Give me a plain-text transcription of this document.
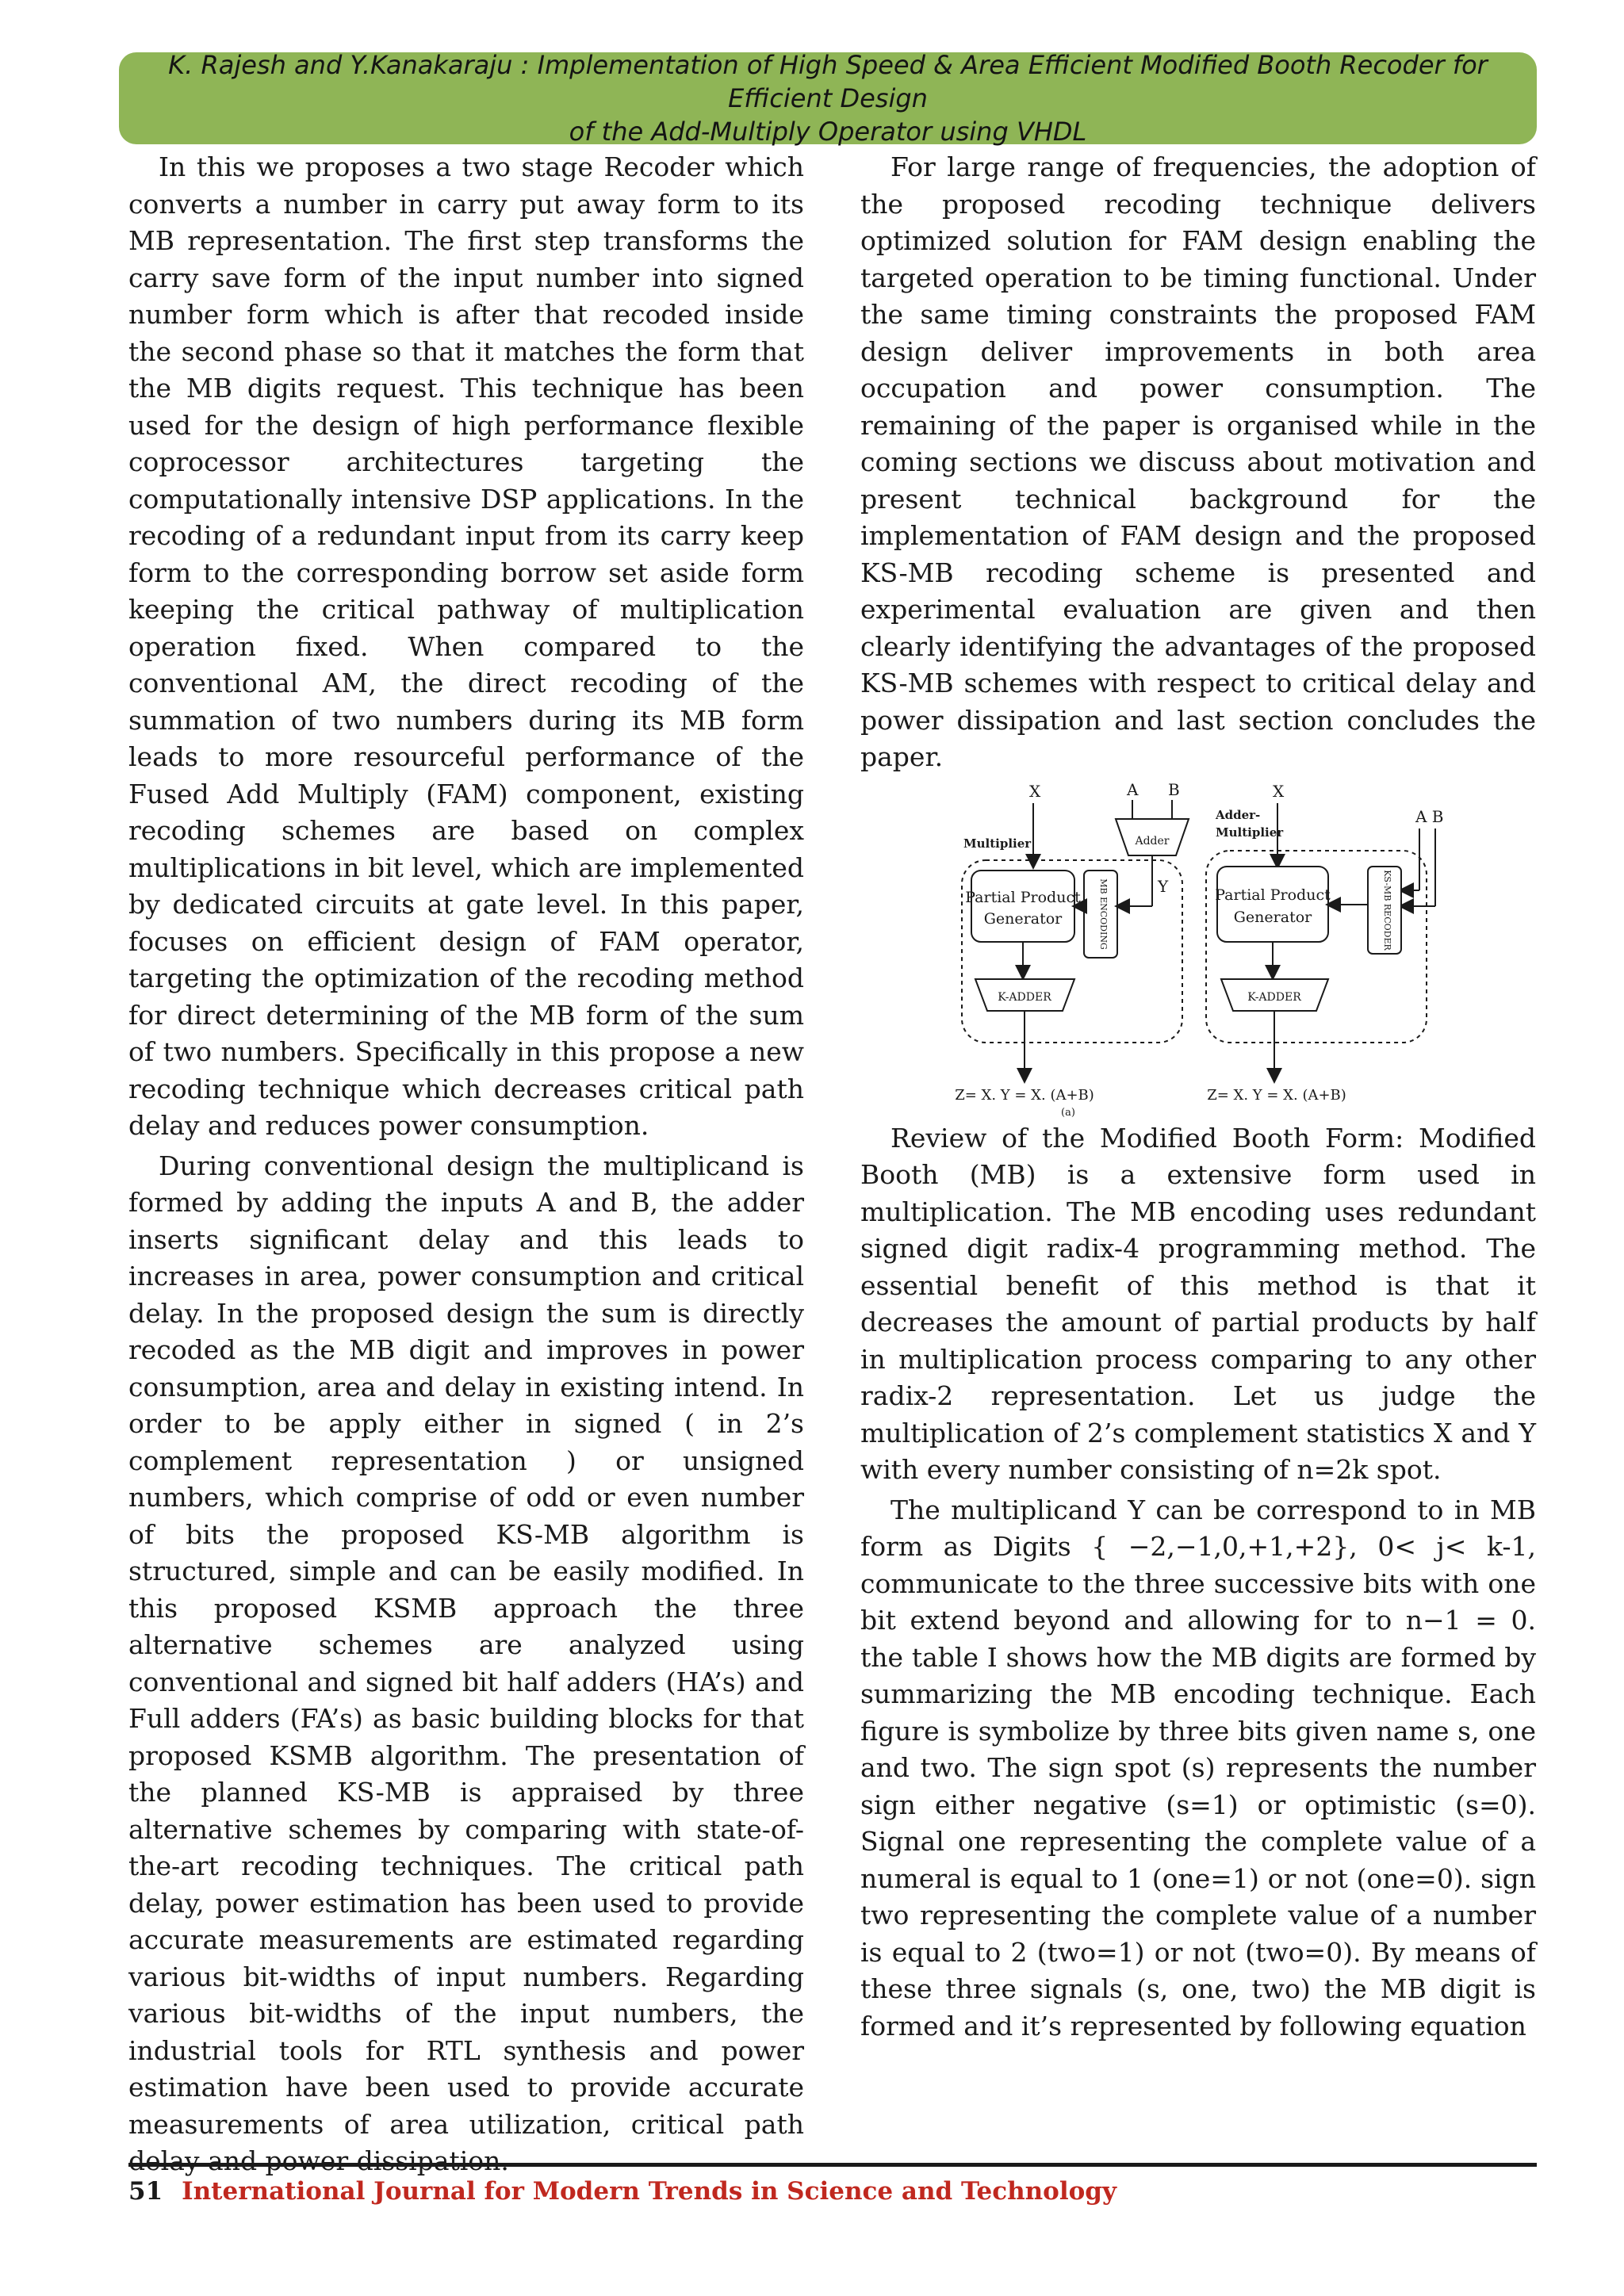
K. Rajesh and Y.Kanakaraju : Implementation of High Speed & Area Efficient Modified Booth Recoder for Efficient Design
of the Add-Multiply Operator using VHDL

In this we proposes a two stage Recoder which converts a number in carry put away form to its MB representation. The first step transforms the carry save form of the input number into signed number form which is after that recoded inside the second phase so that it matches the form that the MB digits request. This technique has been used for the design of high performance flexible coprocessor architectures targeting the computationally intensive DSP applications. In the recoding of a redundant input from its carry keep form to the corresponding borrow set aside form keeping the critical pathway of multiplication operation fixed. When compared to the conventional AM, the direct recoding of the summation of two numbers during its MB form leads to more resourceful performance of the Fused Add Multiply (FAM) component, existing recoding schemes are based on complex multiplications in bit level, which are implemented by dedicated circuits at gate level. In this paper, focuses on efficient design of FAM operator, targeting the optimization of the recoding method for direct determining of the MB form of the sum of two numbers. Specifically in this propose a new recoding technique which decreases critical path delay and reduces power consumption.

During conventional design the multiplicand is formed by adding the inputs A and B, the adder inserts significant delay and this leads to increases in area, power consumption and critical delay. In the proposed design the sum is directly recoded as the MB digit and improves in power consumption, area and delay in existing intend. In order to be apply either in signed ( in 2’s complement representation ) or unsigned numbers, which comprise of odd or even number of bits the proposed KS-MB algorithm is structured, simple and can be easily modified. In this proposed KSMB approach the three alternative schemes are analyzed using conventional and signed bit half adders (HA’s) and Full adders (FA’s) as basic building blocks for that proposed KSMB algorithm. The presentation of the planned KS-MB is appraised by three alternative schemes by comparing with state-of-the-art recoding techniques. The critical path delay, power estimation has been used to provide accurate measurements are estimated regarding various bit-widths of input numbers. Regarding various bit-widths of the input numbers, the industrial tools for RTL synthesis and power estimation have been used to provide accurate measurements of area utilization, critical path delay and power dissipation.

For large range of frequencies, the adoption of the proposed recoding technique delivers optimized solution for FAM design enabling the targeted operation to be timing functional. Under the same timing constraints the proposed FAM design deliver improvements in both area occupation and power consumption. The remaining of the paper is organised while in the coming sections we discuss about motivation and present technical background for the implementation of FAM design and the proposed KS-MB recoding scheme is presented and experimental evaluation are given and then clearly identifying the advantages of the proposed KS-MB schemes with respect to critical delay and power dissipation and last section concludes the paper.

X	A B
Adder
Y
Multiplier
Partial Product
Generator	MB ENCODING
K-ADDER
Z= X. Y = X. (A+B)
(a)
X
Adder-
Multiplier
A B
Partial Product
Generator	KS-MB RECODER
K-ADDER
Z= X. Y = X. (A+B)

Review of the Modified Booth Form: Modified Booth (MB) is a extensive form used in multiplication. The MB encoding uses redundant signed digit radix-4 programming method. The essential benefit of this method is that it decreases the amount of partial products by half in multiplication process comparing to any other radix-2 representation. Let us judge the multiplication of 2’s complement statistics X and Y with every number consisting of n=2k spot.

The multiplicand Y can be correspond to in MB form as Digits { −2,−1,0,+1,+2}, 0< j< k-1, communicate to the three successive bits with one bit extend beyond and allowing for to n−1 = 0. the table I shows how the MB digits are formed by summarizing the MB encoding technique. Each figure is symbolize by three bits given name s, one and two. The sign spot (s) represents the number sign either negative (s=1) or optimistic (s=0). Signal one representing the complete value of a numeral is equal to 1 (one=1) or not (one=0). sign two representing the complete value of a number is equal to 2 (two=1) or not (two=0). By means of these three signals (s, one, two) the MB digit is formed and it’s represented by following equation

51 International Journal for Modern Trends in Science and Technology
